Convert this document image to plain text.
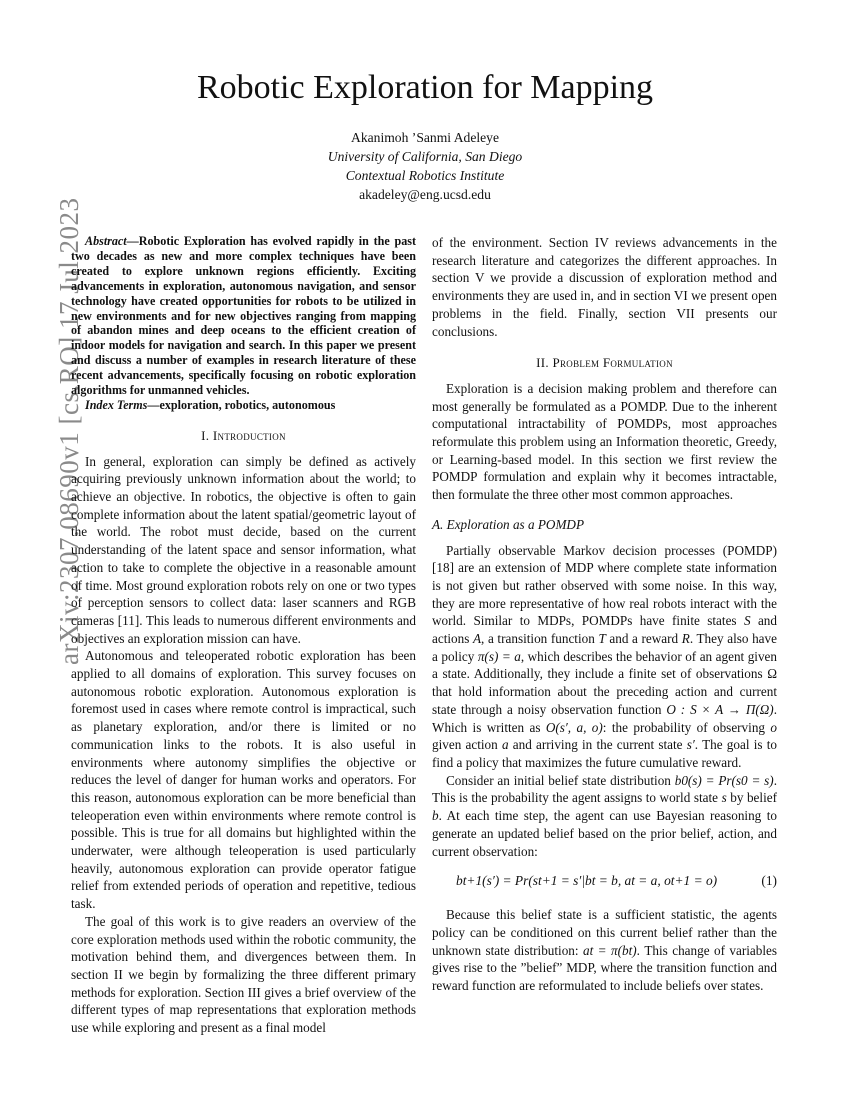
arXiv:2307.08690v1 [cs.RO] 17 Jul 2023
Robotic Exploration for Mapping
Akanimoh ’Sanmi Adeleye
University of California, San Diego
Contextual Robotics Institute
akadeley@eng.ucsd.edu

Abstract—Robotic Exploration has evolved rapidly in the past two decades as new and more complex techniques have been created to explore unknown regions efficiently. Exciting advancements in exploration, autonomous navigation, and sensor technology have created opportunities for robots to be utilized in new environments and for new objectives ranging from mapping of abandon mines and deep oceans to the efficient creation of indoor models for navigation and search. In this paper we present and discuss a number of examples in research literature of these recent advancements, specifically focusing on robotic exploration algorithms for unmanned vehicles.

Index Terms—exploration, robotics, autonomous

I. Introduction

In general, exploration can simply be defined as actively acquiring previously unknown information about the world; to achieve an objective. In robotics, the objective is often to gain complete information about the latent spatial/geometric layout of the world. The robot must decide, based on the current understanding of the latent space and sensor information, what action to take to complete the objective in a reasonable amount of time. Most ground exploration robots rely on one or two types of perception sensors to collect data: laser scanners and RGB cameras [11]. This leads to numerous different environments and objectives an exploration mission can have.

Autonomous and teleoperated robotic exploration has been applied to all domains of exploration. This survey focuses on autonomous robotic exploration. Autonomous exploration is foremost used in cases where remote control is impractical, such as planetary exploration, and/or there is limited or no communication links to the robots. It is also useful in environments where autonomy simplifies the objective or reduces the level of danger for human works and operators. For this reason, autonomous exploration can be more beneficial than teleoperation even within environments where remote control is possible. This is true for all domains but highlighted within the underwater, were although teleoperation is used particularly heavily, autonomous exploration can provide operator fatigue relief from extended periods of operation and repetitive, tedious task.

The goal of this work is to give readers an overview of the core exploration methods used within the robotic community, the motivation behind them, and divergences between them. In section II we begin by formalizing the three different primary methods for exploration. Section III gives a brief overview of the different types of map representations that exploration methods use while exploring and present as a final model

of the environment. Section IV reviews advancements in the research literature and categorizes the different approaches. In section V we provide a discussion of exploration method and environments they are used in, and in section VI we present open problems in the field. Finally, section VII presents our conclusions.

II. Problem Formulation

Exploration is a decision making problem and therefore can most generally be formulated as a POMDP. Due to the inherent computational intractability of POMDPs, most approaches reformulate this problem using an Information theoretic, Greedy, or Learning-based model. In this section we first review the POMDP formulation and explain why it becomes intractable, then formulate the three other most common approaches.

A. Exploration as a POMDP

Partially observable Markov decision processes (POMDP) [18] are an extension of MDP where complete state information is not given but rather observed with some noise. In this way, they are more representative of how real robots interact with the world. Similar to MDPs, POMDPs have finite states S and actions A, a transition function T and a reward R. They also have a policy π(s) = a, which describes the behavior of an agent given a state. Additionally, they include a finite set of observations Ω that hold information about the preceding action and current state through a noisy observation function O : S × A → Π(Ω). Which is written as O(s′, a, o): the probability of observing o given action a and arriving in the current state s′. The goal is to find a policy that maximizes the future cumulative reward.

Consider an initial belief state distribution b0(s) = Pr(s0 = s). This is the probability the agent assigns to world state s by belief b. At each time step, the agent can use Bayesian reasoning to generate an updated belief based on the prior belief, action, and current observation:

bt+1(s′) = Pr(st+1 = s′|bt = b, at = a, ot+1 = o)	(1)

Because this belief state is a sufficient statistic, the agents policy can be conditioned on this current belief rather than the unknown state distribution: at = π(bt). This change of variables gives rise to the ”belief” MDP, where the transition function and reward function are reformulated to include beliefs over states.
